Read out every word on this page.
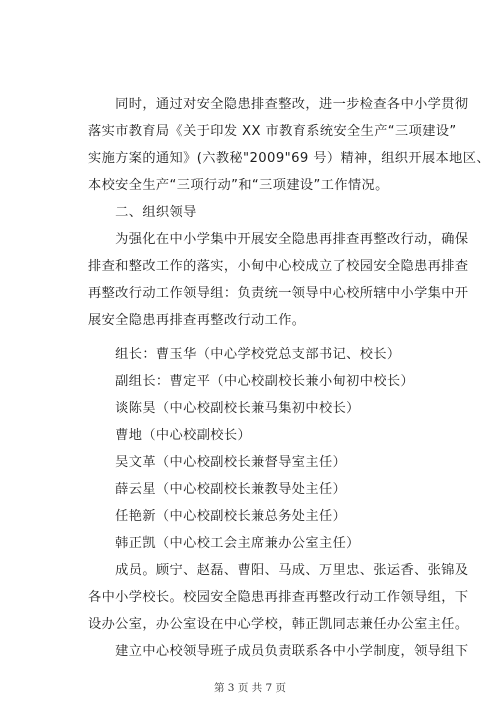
　　同时，通过对安全隐患排查整改，进一步检查各中小学贯彻
落实市教育局《关于印发 XX 市教育系统安全生产“三项建设”
实施方案的通知》(六教秘"2009"69 号）精神，组织开展本地区、
本校安全生产“三项行动”和“三项建设”工作情况。
　　二、组织领导
　　为强化在中小学集中开展安全隐患再排查再整改行动，确保
排查和整改工作的落实，小甸中心校成立了校园安全隐患再排查
再整改行动工作领导组：负责统一领导中心校所辖中小学集中开
展安全隐患再排查再整改行动工作。
　　组长：曹玉华（中心学校党总支部书记、校长）
　　副组长：曹定平（中心校副校长兼小甸初中校长）
　　谈陈昊（中心校副校长兼马集初中校长）
　　曹地（中心校副校长）
　　吴文革（中心校副校长兼督导室主任）
　　薛云星（中心校副校长兼教导处主任）
　　任艳新（中心校副校长兼总务处主任）
　　韩正凯（中心校工会主席兼办公室主任）
　　成员。顾宁、赵磊、曹阳、马成、万里忠、张运香、张锦及
各中小学校长。校园安全隐患再排查再整改行动工作领导组，下
设办公室，办公室设在中心学校，韩正凯同志兼任办公室主任。
　　建立中心校领导班子成员负责联系各中小学制度，领导组下
第 3 页 共 7 页
